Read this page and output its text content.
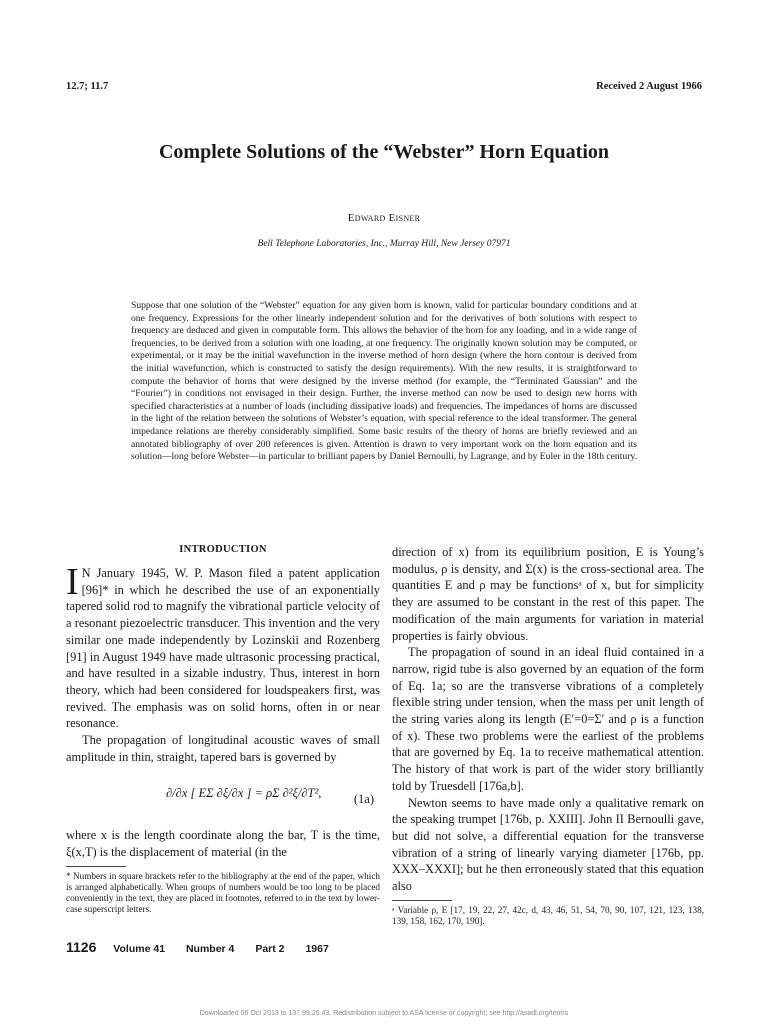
12.7; 11.7	Received 2 August 1966
Complete Solutions of the “Webster” Horn Equation
Edward Eisner
Bell Telephone Laboratories, Inc., Murray Hill, New Jersey 07971
Suppose that one solution of the “Webster” equation for any given horn is known, valid for particular boundary conditions and at one frequency. Expressions for the other linearly independent solution and for the derivatives of both solutions with respect to frequency are deduced and given in computable form. This allows the behavior of the horn for any loading, and in a wide range of frequencies, to be derived from a solution with one loading, at one frequency. The originally known solution may be computed, or experimental, or it may be the initial wavefunction in the inverse method of horn design (where the horn contour is derived from the initial wavefunction, which is constructed to satisfy the design requirements). With the new results, it is straightforward to compute the behavior of horns that were designed by the inverse method (for example, the “Terminated Gaussian” and the “Fourier”) in conditions not envisaged in their design. Further, the inverse method can now be used to design new horns with specified characteristics at a number of loads (including dissipative loads) and frequencies. The impedances of horns are discussed in the light of the relation between the solutions of Webster’s equation, with special reference to the ideal transformer. The general impedance relations are thereby considerably simplified. Some basic results of the theory of horns are briefly reviewed and an annotated bibliography of over 200 references is given. Attention is drawn to very important work on the horn equation and its solution—long before Webster—in particular to brilliant papers by Daniel Bernoulli, by Lagrange, and by Euler in the 18th century.
INTRODUCTION

I N January 1945, W. P. Mason filed a patent application [96]* in which he described the use of an exponentially tapered solid rod to magnify the vibrational particle velocity of a resonant piezoelectric transducer. This invention and the very similar one made independently by Lozinskii and Rozenberg [91] in August 1949 have made ultrasonic processing practical, and have resulted in a sizable industry. Thus, interest in horn theory, which had been considered for loudspeakers first, was revived. The emphasis was on solid horns, often in or near resonance.

The propagation of longitudinal acoustic waves of small amplitude in thin, straight, tapered bars is governed by

∂/∂x [ EΣ ∂ξ/∂x ] = ρΣ ∂²ξ/∂T²,	(1a)

where x is the length coordinate along the bar, T is the time, ξ(x,T) is the displacement of material (in the

* Numbers in square brackets refer to the bibliography at the end of the paper, which is arranged alphabetically. When groups of numbers would be too long to be placed conveniently in the text, they are placed in footnotes, referred to in the text by lower-case superscript letters.

direction of x) from its equilibrium position, E is Young’s modulus, ρ is density, and Σ(x) is the cross-sectional area. The quantities E and ρ may be functionsᵃ of x, but for simplicity they are assumed to be constant in the rest of this paper. The modification of the main arguments for variation in material properties is fairly obvious.

The propagation of sound in an ideal fluid contained in a narrow, rigid tube is also governed by an equation of the form of Eq. 1a; so are the transverse vibrations of a completely flexible string under tension, when the mass per unit length of the string varies along its length (E′=0=Σ′ and ρ is a function of x). These two problems were the earliest of the problems that are governed by Eq. 1a to receive mathematical attention. The history of that work is part of the wider story brilliantly told by Truesdell [176a,b].

Newton seems to have made only a qualitative remark on the speaking trumpet [176b, p. XXIII]. John II Bernoulli gave, but did not solve, a differential equation for the transverse vibration of a string of linearly varying diameter [176b, pp. XXX–XXXI]; but he then erroneously stated that this equation also

ᵃ Variable ρ, E [17, 19, 22, 27, 42c, d, 43, 46, 51, 54, 70, 90, 107, 121, 123, 138, 139, 158, 162, 170, 190].
1126 Volume 41 Number 4 Part 2 1967
Downloaded 06 Oct 2013 to 137.99.26.43. Redistribution subject to ASA license or copyright; see http://asadl.org/terms
